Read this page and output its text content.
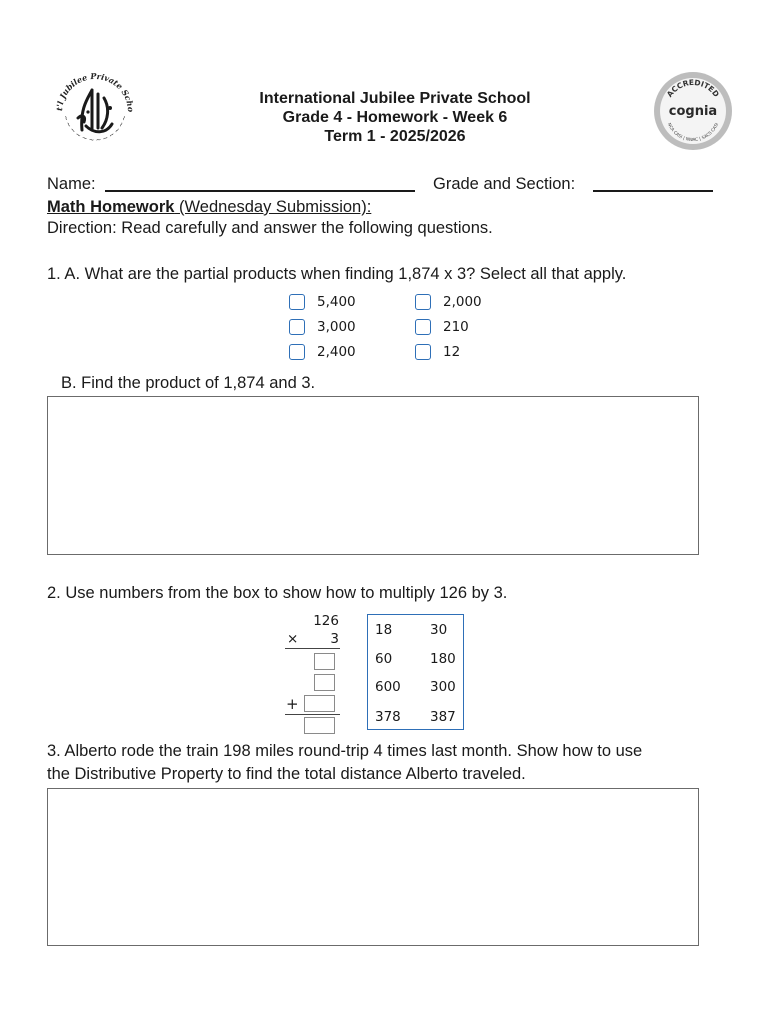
t'l Jubilee Private Scho
~ ~ ~ ~ ~ ~ ~ ~ ~ ~ ~ ~
International Jubilee Private School
Grade 4 - Homework - Week 6
Term 1 - 2025/2026
ACCREDITED
cognia
NCA CASI | NWAC | SACS CASI
Name:	Grade and Section:
Math Homework (Wednesday Submission):
Direction: Read carefully and answer the following questions.
1. A. What are the partial products when finding 1,874 x 3? Select all that apply.
5,400
3,000
2,400
2,000
210
12
B. Find the product of 1,874 and 3.
2. Use numbers from the box to show how to multiply 126 by 3.
126
×	3
+
18	30
60	180
600 300
378 387
3. Alberto rode the train 198 miles round-trip 4 times last month. Show how to use
the Distributive Property to find the total distance Alberto traveled.
